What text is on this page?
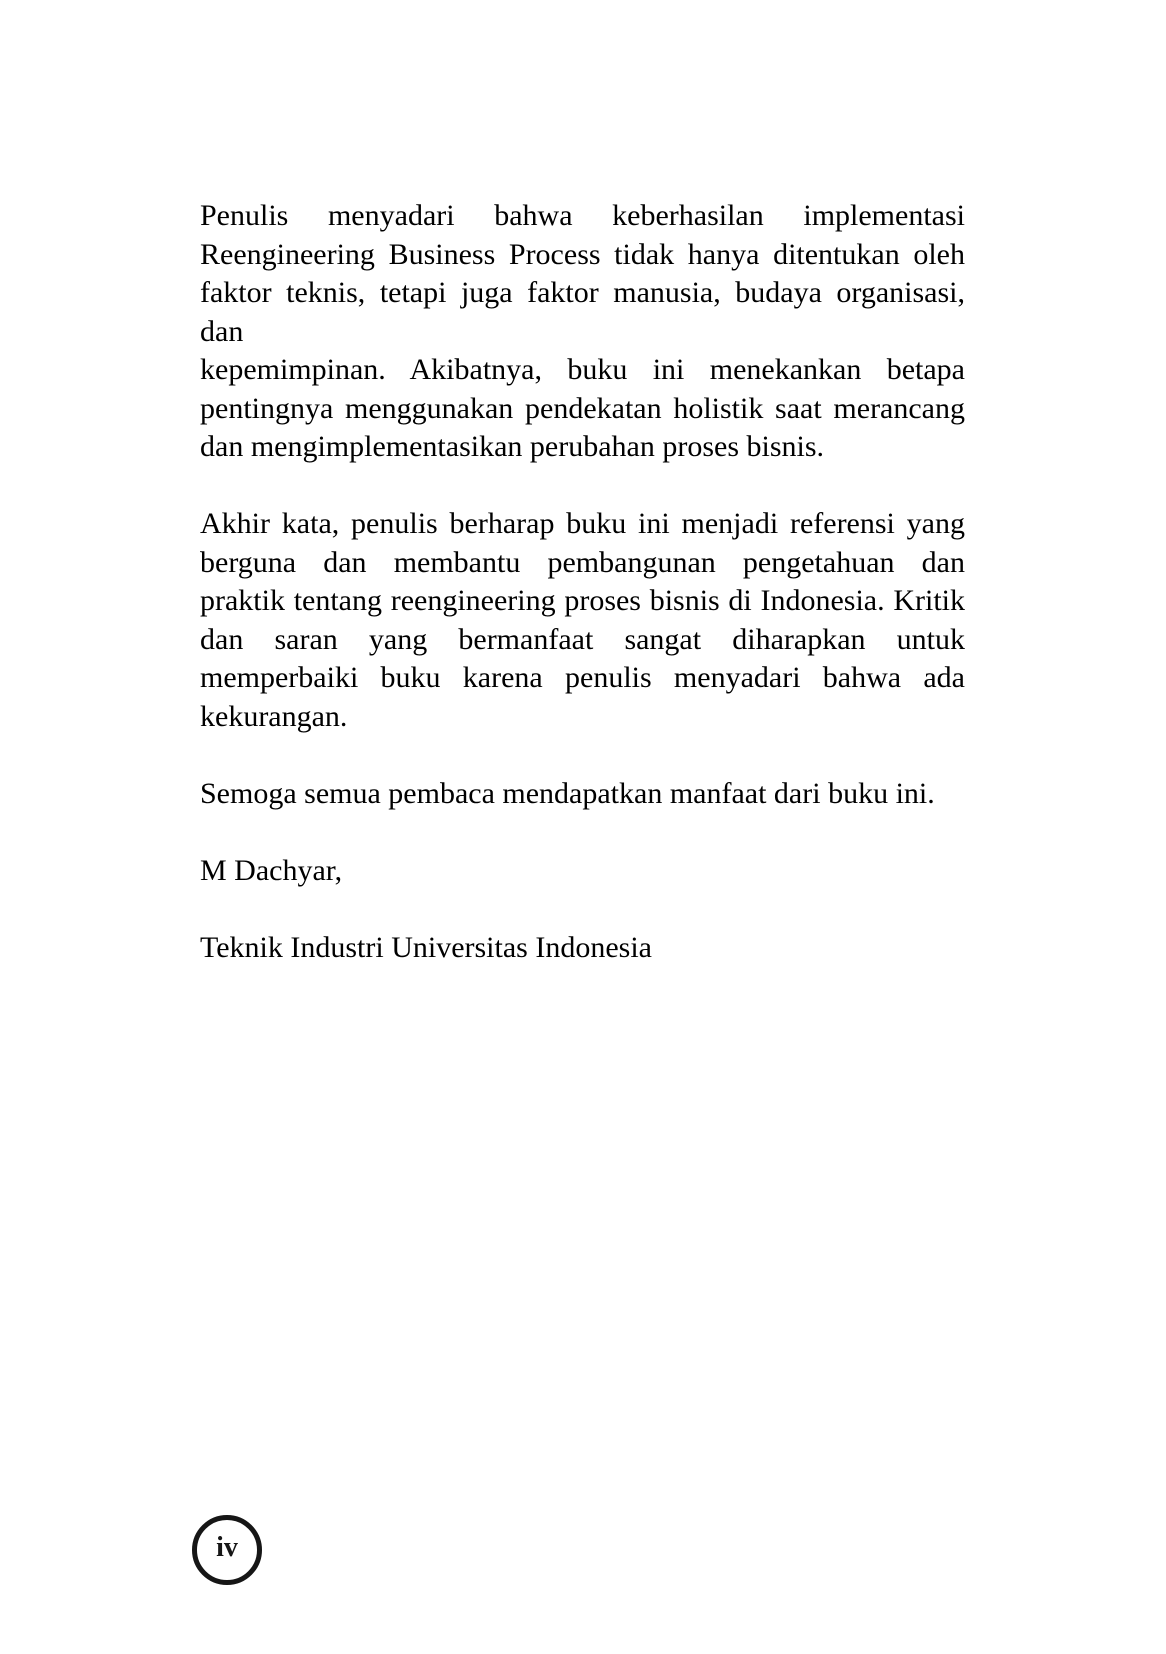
Penulis menyadari bahwa keberhasilan implementasi
Reengineering Business Process tidak hanya ditentukan oleh
faktor teknis, tetapi juga faktor manusia, budaya organisasi, dan
kepemimpinan. Akibatnya, buku ini menekankan betapa
pentingnya menggunakan pendekatan holistik saat merancang
dan mengimplementasikan perubahan proses bisnis.
Akhir kata, penulis berharap buku ini menjadi referensi yang
berguna dan membantu pembangunan pengetahuan dan
praktik tentang reengineering proses bisnis di Indonesia. Kritik
dan saran yang bermanfaat sangat diharapkan untuk
memperbaiki buku karena penulis menyadari bahwa ada
kekurangan.
Semoga semua pembaca mendapatkan manfaat dari buku ini.
M Dachyar,
Teknik Industri Universitas Indonesia
iv
